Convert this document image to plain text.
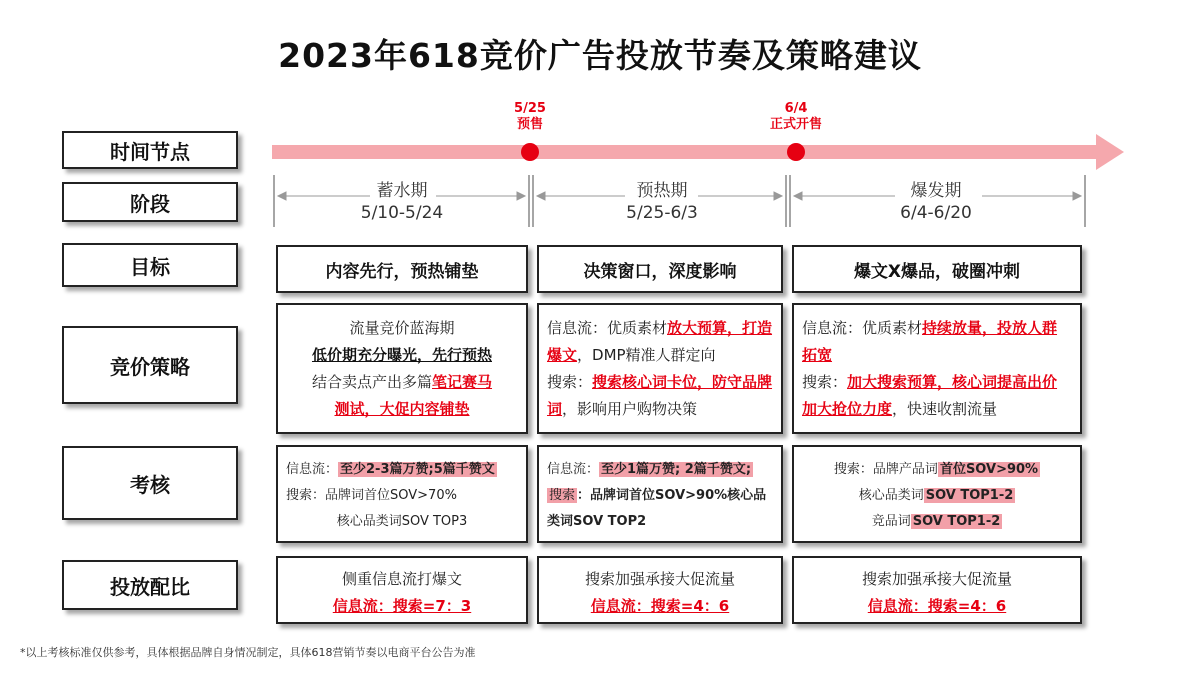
2023年618竞价广告投放节奏及策略建议
5/25
预售
6/4
正式开售
蓄水期
5/10-5/24
预热期
5/25-6/3
爆发期
6/4-6/20
时间节点
阶段
目标
竞价策略
考核
投放配比
内容先行，预热铺垫	决策窗口，深度影响	爆文X爆品，破圈冲刺
流量竞价蓝海期
低价期充分曝光，先行预热
结合卖点产出多篇笔记赛马
测试，大促内容铺垫
信息流：优质素材放大预算，打造爆文，DMP精准人群定向
搜索：搜索核心词卡位，防守品牌词，影响用户购物决策
信息流：优质素材持续放量，投放人群拓宽
搜索：加大搜索预算，核心词提高出价加大抢位力度，快速收割流量
信息流： 至少2-3篇万赞;5篇千赞文
搜索：品牌词首位SOV>70%
核心品类词SOV TOP3
信息流： 至少1篇万赞; 2篇千赞文;
搜索 ：品牌词首位SOV>90%核心品类词SOV TOP2
搜索：品牌产品词 首位SOV>90%
核心品类词 SOV TOP1-2
竞品词 SOV TOP1-2
侧重信息流打爆文
信息流：搜索=7：3
搜索加强承接大促流量
信息流：搜索=4：6
搜索加强承接大促流量
信息流：搜索=4：6
*以上考核标准仅供参考，具体根据品牌自身情况制定，具体618营销节奏以电商平台公告为准
